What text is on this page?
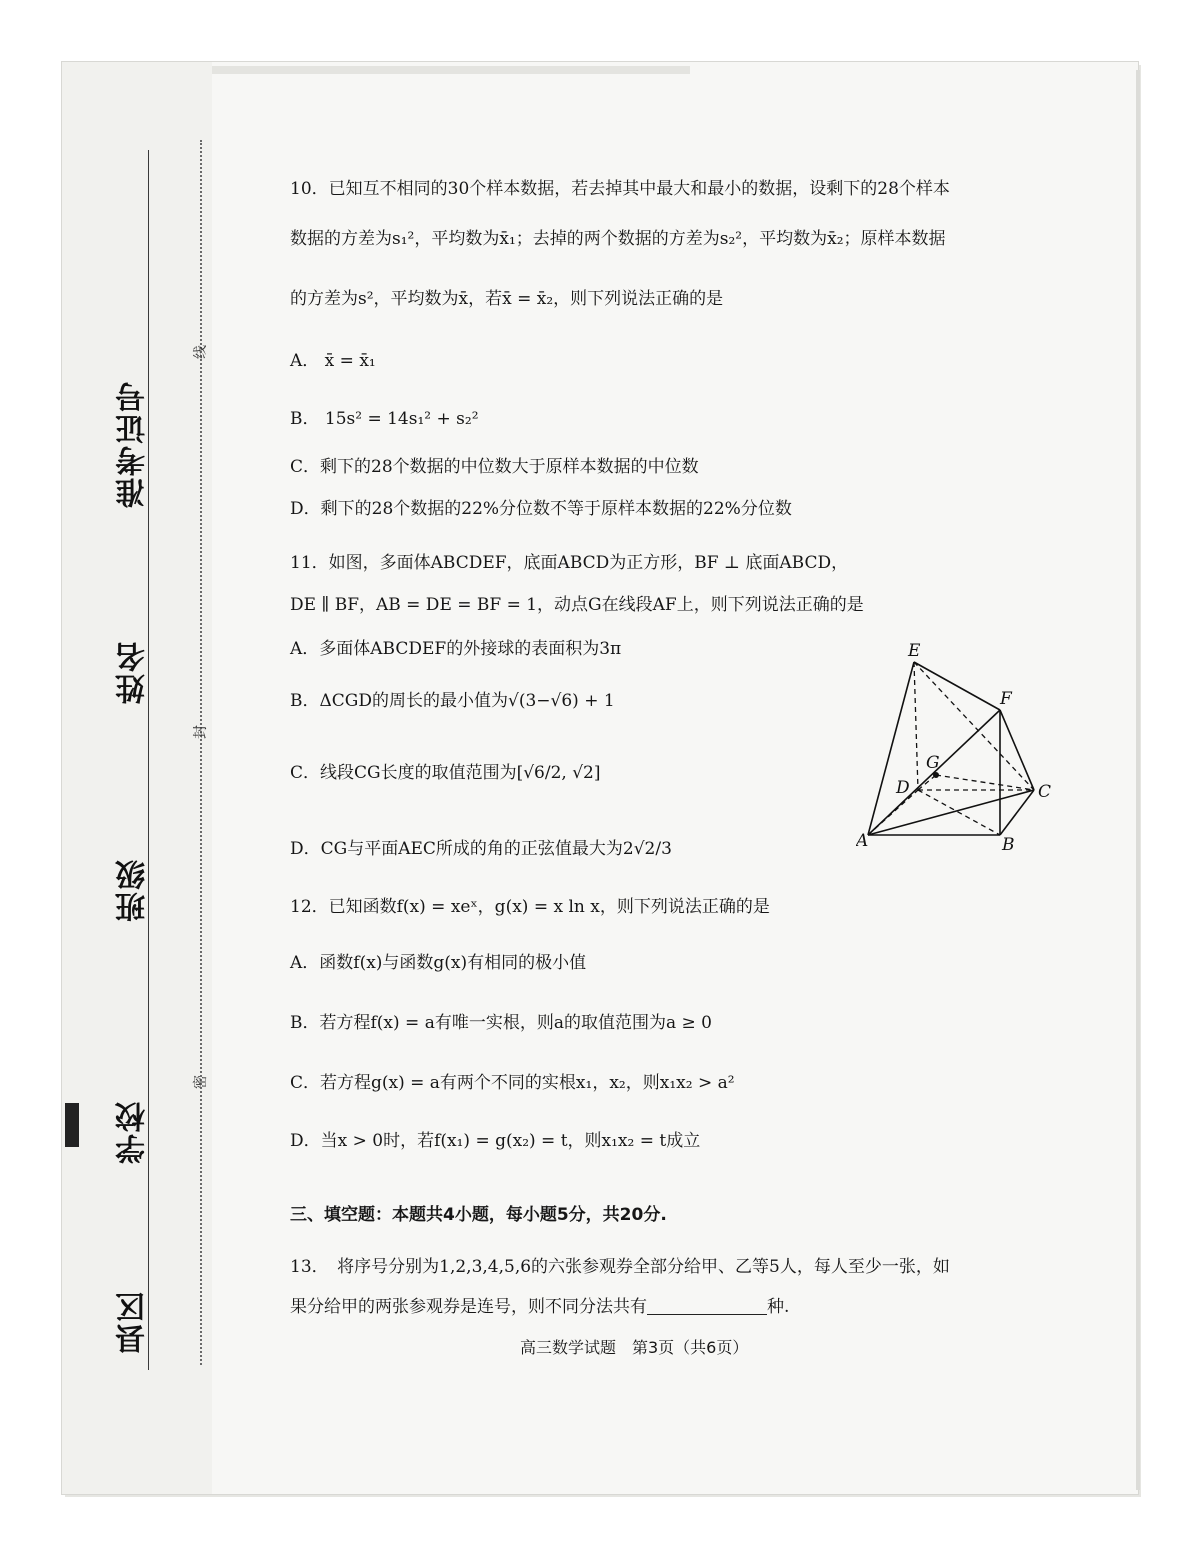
准考证号
姓名
班级
学校
县区
线
封
密
10．已知互不相同的30个样本数据，若去掉其中最大和最小的数据，设剩下的28个样本
数据的方差为s₁²，平均数为x̄₁；去掉的两个数据的方差为s₂²，平均数为x̄₂；原样本数据
的方差为s²，平均数为x̄，若x̄ = x̄₂，则下列说法正确的是
A． x̄ = x̄₁
B． 15s² = 14s₁² + s₂²
C．剩下的28个数据的中位数大于原样本数据的中位数
D．剩下的28个数据的22%分位数不等于原样本数据的22%分位数
11．如图，多面体ABCDEF，底面ABCD为正方形，BF ⊥ 底面ABCD，
DE ∥ BF，AB = DE = BF = 1，动点G在线段AF上，则下列说法正确的是
A．多面体ABCDEF的外接球的表面积为3π
B．ΔCGD的周长的最小值为√(3−√6) + 1
C．线段CG长度的取值范围为[√6/2, √2]
D．CG与平面AEC所成的角的正弦值最大为2√2/3
12．已知函数f(x) = xeˣ，g(x) = x ln x，则下列说法正确的是
A．函数f(x)与函数g(x)有相同的极小值
B．若方程f(x) = a有唯一实根，则a的取值范围为a ≥ 0
C．若方程g(x) = a有两个不同的实根x₁，x₂，则x₁x₂ > a²
D．当x > 0时，若f(x₁) = g(x₂) = t，则x₁x₂ = t成立
三、填空题：本题共4小题，每小题5分，共20分.
13．　将序号分别为1,2,3,4,5,6的六张参观券全部分给甲、乙等5人，每人至少一张，如
果分给甲的两张参观券是连号，则不同分法共有	种.
E
F
G
D	C
A	B
高三数学试题　第3页（共6页）
